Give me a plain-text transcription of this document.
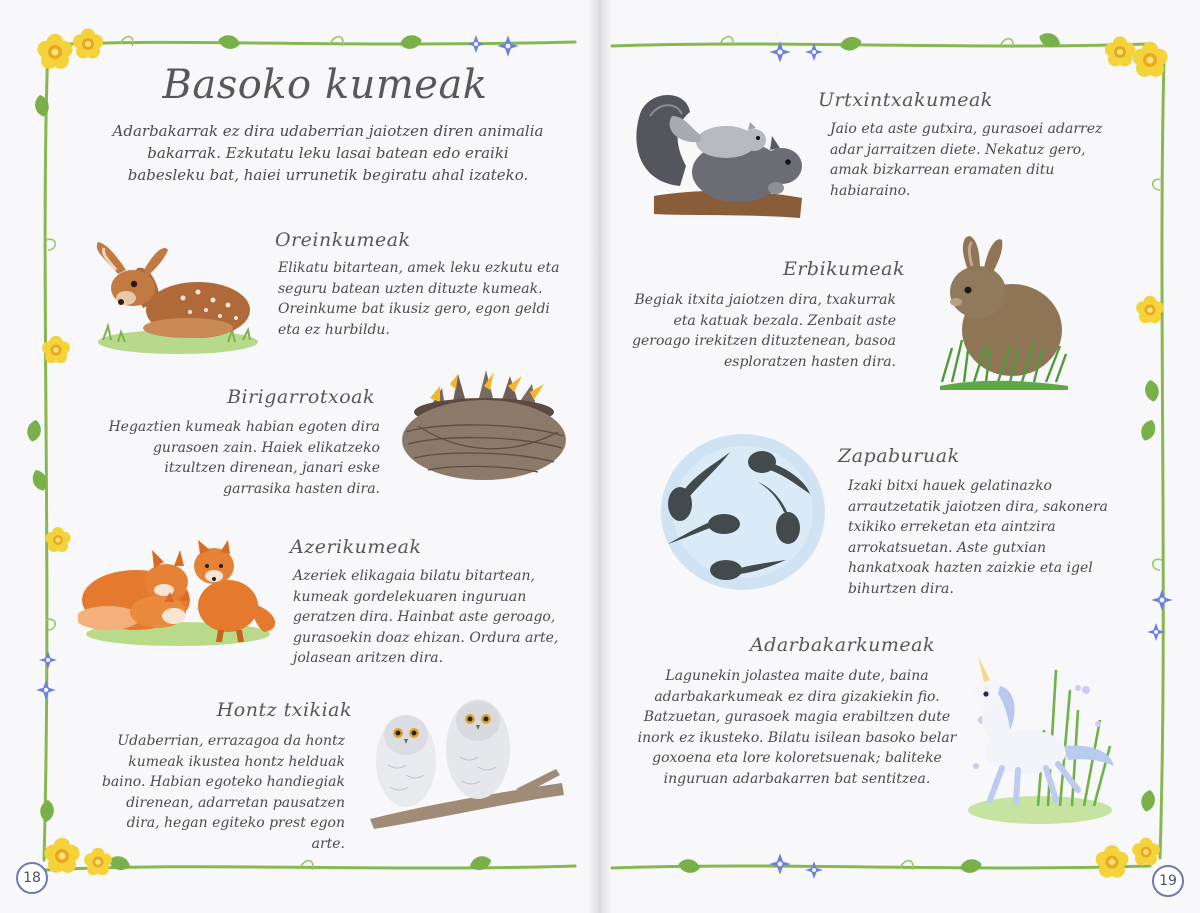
Basoko kumeak
Adarbakarrak ez dira udaberrian jaiotzen diren animalia bakarrak. Ezkutatu leku lasai batean edo eraiki babesleku bat, haiei urrunetik begiratu ahal izateko.
Oreinkumeak
Elikatu bitartean, amek leku ezkutu eta seguru batean uzten dituzte kumeak. Oreinkume bat ikusiz gero, egon geldi eta ez hurbildu.
Birigarrotxoak
Hegaztien kumeak habian egoten dira gurasoen zain. Haiek elikatzeko itzultzen direnean, janari eske garrasika hasten dira.
Azerikumeak
Azeriek elikagaia bilatu bitartean, kumeak gordelekuaren inguruan geratzen dira. Hainbat aste geroago, gurasoekin doaz ehizan. Ordura arte, jolasean aritzen dira.
Hontz txikiak
Udaberrian, errazagoa da hontz kumeak ikustea hontz helduak baino. Habian egoteko handiegiak direnean, adarretan pausatzen dira, hegan egiteko prest egon arte.
Urtxintxakumeak
Jaio eta aste gutxira, gurasoei adarrez adar jarraitzen diete. Nekatuz gero, amak bizkarrean eramaten ditu habiaraino.
Erbikumeak
Begiak itxita jaiotzen dira, txakurrak eta katuak bezala. Zenbait aste geroago irekitzen dituztenean, basoa esploratzen hasten dira.
Zapaburuak
Izaki bitxi hauek gelatinazko arrautzetatik jaiotzen dira, sakonera txikiko erreketan eta aintzira arrokatsuetan. Aste gutxian hankatxoak hazten zaizkie eta igel bihurtzen dira.
Adarbakarkumeak
Lagunekin jolastea maite dute, baina adarbakarkumeak ez dira gizakiekin fio. Batzuetan, gurasoek magia erabiltzen dute inork ez ikusteko. Bilatu isilean basoko belar goxoena eta lore koloretsuenak; baliteke inguruan adarbakarren bat sentitzea.
18	19
